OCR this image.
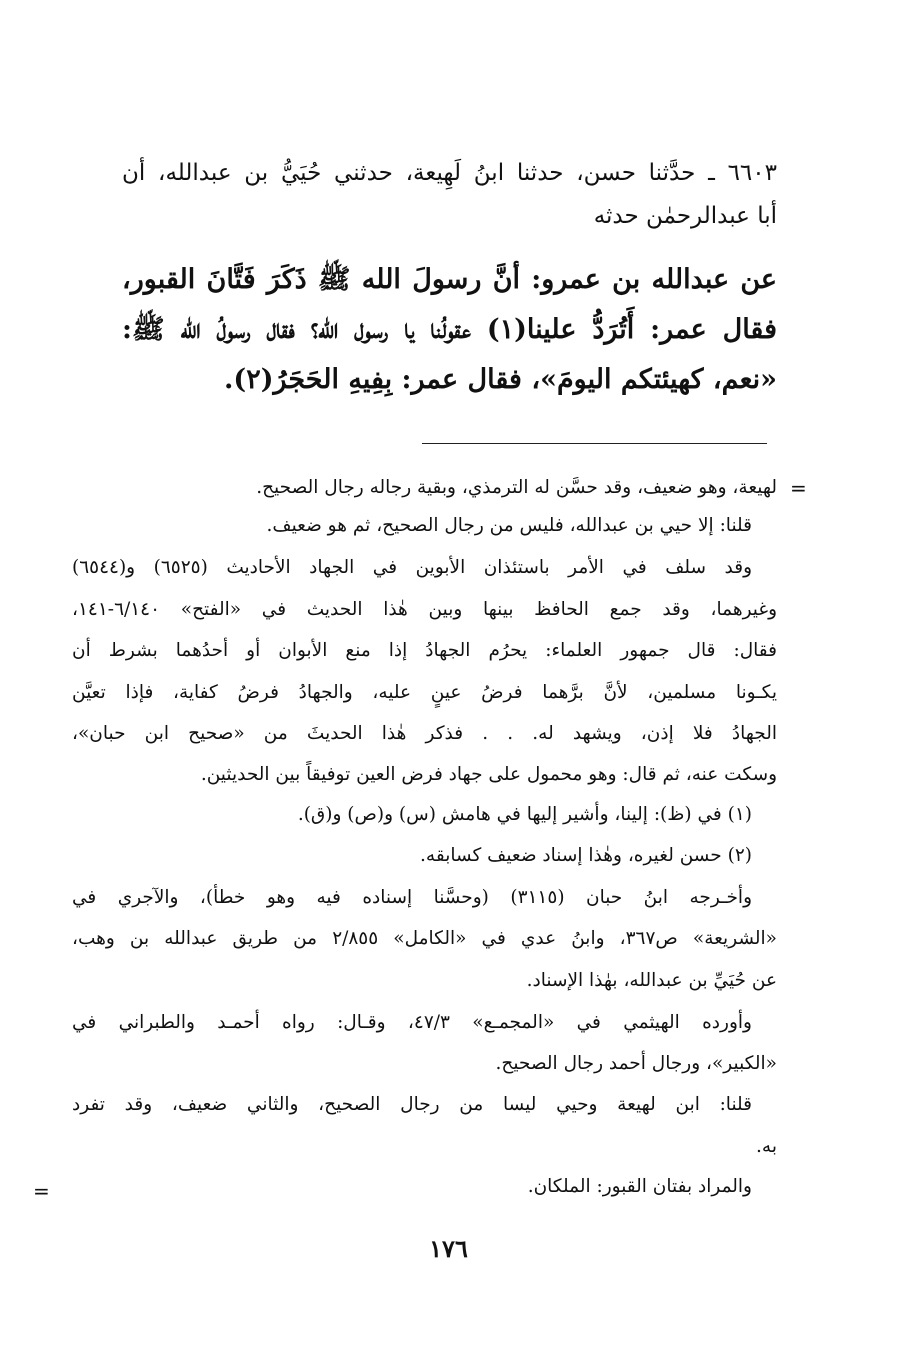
٦٦٠٣ ـ حدَّثنا حسن، حدثنا ابنُ لَهِيعة، حدثني حُيَيُّ بن عبدالله، أن
أبا عبدالرحمٰن حدثه
عن عبدالله بن عمرو: أنَّ رسولَ الله ﷺ ذَكَرَ فَتَّانَ القبور،
فقال عمر: أَتُرَدُّ علينا(١) عقولُنا يا رسول الله؟ فقال رسولُ الله ﷺ:
«نعم، كهيئتكم اليومَ»، فقال عمر: بِفِيهِ الحَجَرُ(٢).
=
لهيعة، وهو ضعيف، وقد حسَّن له الترمذي، وبقية رجاله رجال الصحيح.
قلنا: إلا حيي بن عبدالله، فليس من رجال الصحيح، ثم هو ضعيف.
وقد سلف في الأمر باستئذان الأبوين في الجهاد الأحاديث (٦٥٢٥) و(٦٥٤٤)
وغيرهما، وقد جمع الحافظ بينها وبين هٰذا الحديث في «الفتح» ٦/١٤٠-١٤١،
فقال: قال جمهور العلماء: يحرُم الجهادُ إذا منع الأبوان أو أحدُهما بشرط أن
يكـونا مسلمين، لأنَّ برَّهما فرضُ عينٍ عليه، والجهادُ فرضُ كفاية، فإذا تعيَّن
الجهادُ فلا إذن، ويشهد له. . . فذكر هٰذا الحديثَ من «صحيح ابن حبان»،
وسكت عنه، ثم قال: وهو محمول على جهاد فرض العين توفيقاً بين الحديثين.
(١) في (ظ): إلينا، وأشير إليها في هامش (س) و(ص) و(ق).
(٢) حسن لغيره، وهٰذا إسناد ضعيف كسابقه.
وأخـرجه ابنُ حبان (٣١١٥) (وحسَّنا إسناده فيه وهو خطأ)، والآجري في
«الشريعة» ص٣٦٧، وابنُ عدي في «الكامل» ٢/٨٥٥ من طريق عبدالله بن وهب،
عن حُيَيِّ بن عبدالله، بهٰذا الإسناد.
وأورده الهيثمي في «المجمـع» ٤٧/٣، وقـال: رواه أحمـد والطبراني في
«الكبير»، ورجال أحمد رجال الصحيح.
قلنا: ابن لهيعة وحيي ليسا من رجال الصحيح، والثاني ضعيف، وقد تفرد
به.
والمراد بفتان القبور: الملكان.
=
١٧٦
